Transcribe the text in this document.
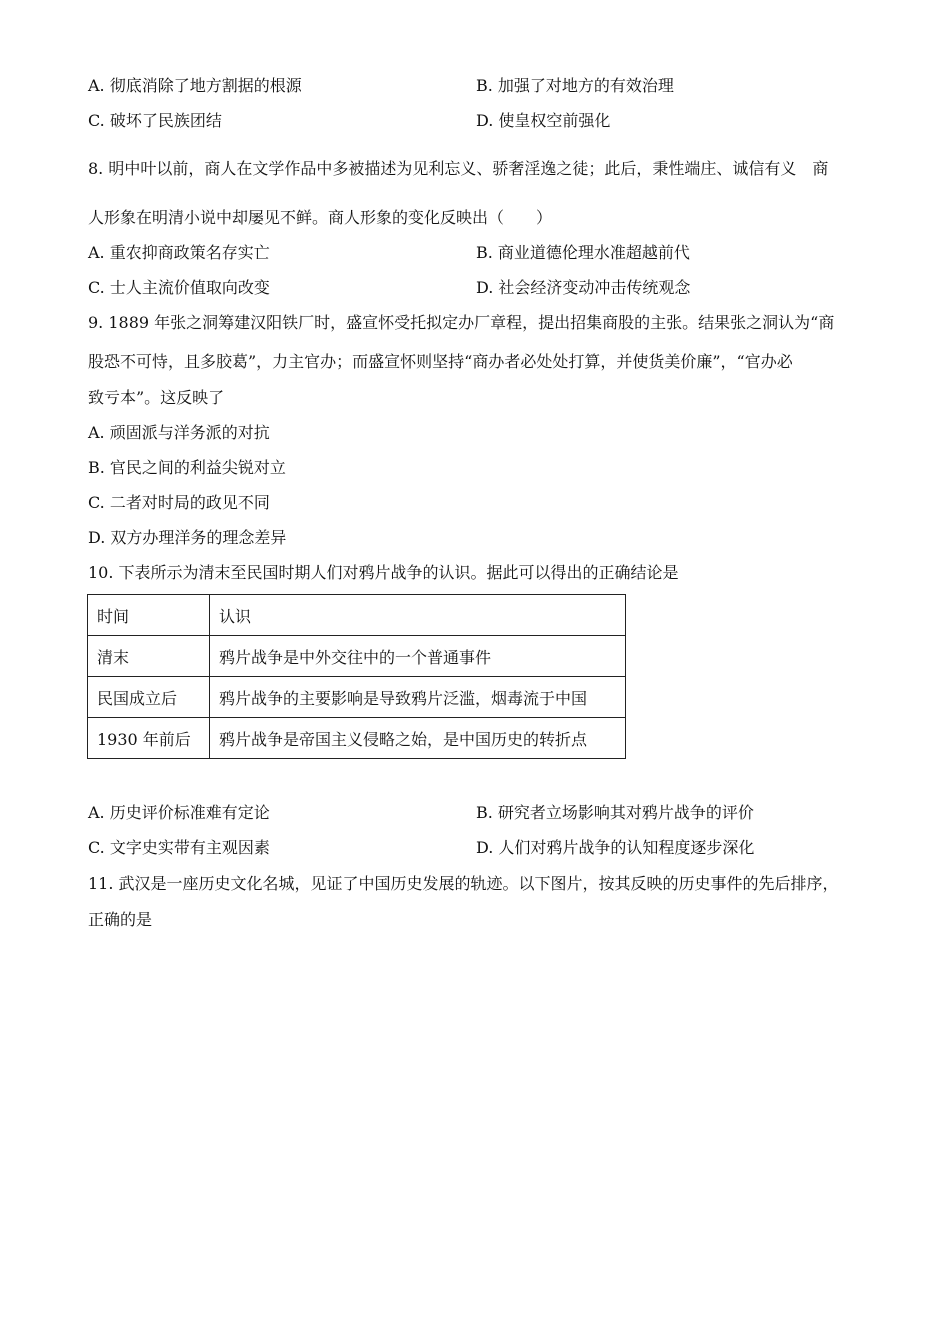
A. 彻底消除了地方割据的根源	B. 加强了对地方的有效治理
C. 破坏了民族团结	D. 使皇权空前强化
8. 明中叶以前，商人在文学作品中多被描述为见利忘义、骄奢淫逸之徒；此后，秉性端庄、诚信有义　商
人形象在明清小说中却屡见不鲜。商人形象的变化反映出（　　）
A. 重农抑商政策名存实亡	B. 商业道德伦理水准超越前代
C. 士人主流价值取向改变	D. 社会经济变动冲击传统观念
9. 1889 年张之洞筹建汉阳铁厂时，盛宣怀受托拟定办厂章程，提出招集商股的主张。结果张之洞认为“商
股恐不可恃，且多胶葛”，力主官办；而盛宣怀则坚持“商办者必处处打算，并使货美价廉”，“官办必
致亏本”。这反映了
A. 顽固派与洋务派的对抗
B. 官民之间的利益尖锐对立
C. 二者对时局的政见不同
D. 双方办理洋务的理念差异
10. 下表所示为清末至民国时期人们对鸦片战争的认识。据此可以得出的正确结论是
时间	认识
清末	鸦片战争是中外交往中的一个普通事件
民国成立后	鸦片战争的主要影响是导致鸦片泛滥，烟毒流于中国
1930 年前后	鸦片战争是帝国主义侵略之始，是中国历史的转折点
A. 历史评价标准难有定论	B. 研究者立场影响其对鸦片战争的评价
C. 文字史实带有主观因素	D. 人们对鸦片战争的认知程度逐步深化
11. 武汉是一座历史文化名城，见证了中国历史发展的轨迹。以下图片，按其反映的历史事件的先后排序，
正确的是
